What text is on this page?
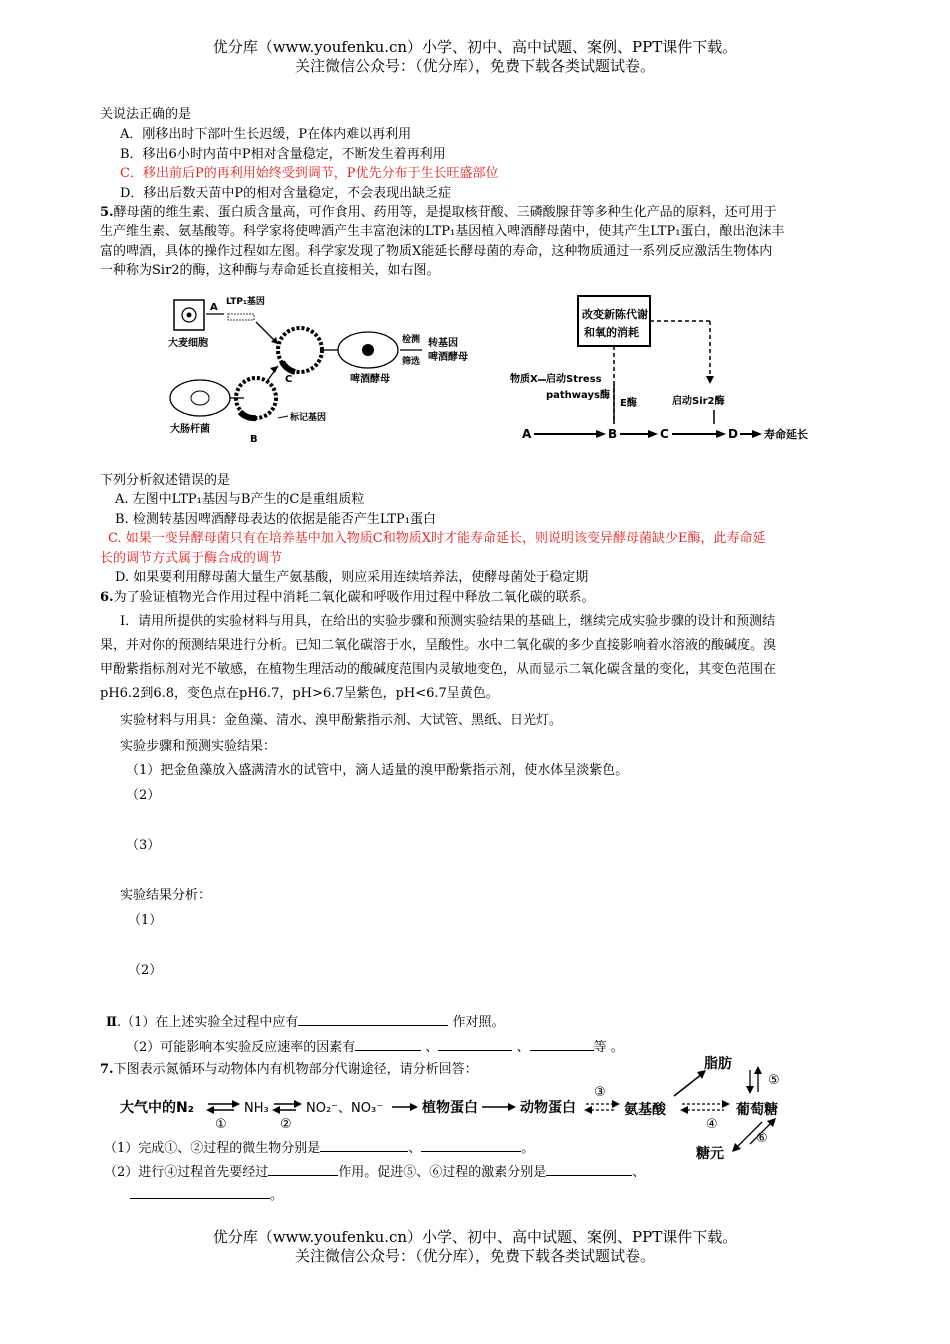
优分库（www.youfenku.cn）小学、初中、高中试题、案例、PPT课件下载。
关注微信公众号：（优分库），免费下载各类试题试卷。
关说法正确的是
A．刚移出时下部叶生长迟缓，P在体内难以再利用
B．移出6小时内苗中P相对含量稳定，不断发生着再利用
C．移出前后P的再利用始终受到调节，P优先分布于生长旺盛部位
D．移出后数天苗中P的相对含量稳定，不会表现出缺乏症
5.酵母菌的维生素、蛋白质含量高，可作食用、药用等，是提取核苷酸、三磷酸腺苷等多种生化产品的原料，还可用于
生产维生素、氨基酸等。科学家将使啤酒产生丰富泡沫的LTP₁基因植入啤酒酵母菌中，使其产生LTP₁蛋白，酿出泡沫丰
富的啤酒，具体的操作过程如左图。科学家发现了物质X能延长酵母菌的寿命，这种物质通过一系列反应激活生物体内
一种称为Sir2的酶，这种酶与寿命延长直接相关，如右图。
大麦细胞
A LTP₁基因
大肠杆菌
B
标记基因
C	啤酒酵母
检测
筛选
转基因
啤酒酵母
改变新陈代谢
和氧的消耗
物质X 启动Stress
pathways酶
E酶	启动Sir2酶
A	B	C	D 寿命延长
下列分析叙述错误的是
A. 左图中LTP₁基因与B产生的C是重组质粒
B. 检测转基因啤酒酵母表达的依据是能否产生LTP₁蛋白
C. 如果一变异酵母菌只有在培养基中加入物质C和物质X时才能寿命延长，则说明该变异酵母菌缺少E酶，此寿命延
长的调节方式属于酶合成的调节
D. 如果要利用酵母菌大量生产氨基酸，则应采用连续培养法，使酵母菌处于稳定期
6.为了验证植物光合作用过程中消耗二氧化碳和呼吸作用过程中释放二氧化碳的联系。
Ⅰ．请用所提供的实验材料与用具，在给出的实验步骤和预测实验结果的基础上，继续完成实验步骤的设计和预测结
果，并对你的预测结果进行分析。已知二氧化碳溶于水，呈酸性。水中二氧化碳的多少直接影响着水溶液的酸碱度。溴
甲酚紫指标剂对光不敏感，在植物生理活动的酸碱度范围内灵敏地变色，从而显示二氧化碳含量的变化，其变色范围在
pH6.2到6.8，变色点在pH6.7，pH>6.7呈紫色，pH<6.7呈黄色。
实验材料与用具：金鱼藻、清水、溴甲酚紫指示剂、大试管、黑纸、日光灯。
实验步骤和预测实验结果：
（1）把金鱼藻放入盛满清水的试管中，滴人适量的溴甲酚紫指示剂，使水体呈淡紫色。
（2）
（3）
实验结果分析：
（1）
（2）
Ⅱ.（1）在上述实验全过程中应有	作对照。
（2）可能影响本实验反应速率的因素有	、	、	等 。
7.下图表示氮循环与动物体内有机物部分代谢途径，请分析回答：
大气中的N₂
①
NH₃
②
NO₂⁻、NO₃⁻	植物蛋白	动物蛋白
③
氨基酸
脂肪
⑤
④
葡萄糖
⑥
糖元
（1）完成①、②过程的微生物分别是	、	。
（2）进行④过程首先要经过	作用。促进⑤、⑥过程的激素分别是	、
。
优分库（www.youfenku.cn）小学、初中、高中试题、案例、PPT课件下载。
关注微信公众号：（优分库），免费下载各类试题试卷。
